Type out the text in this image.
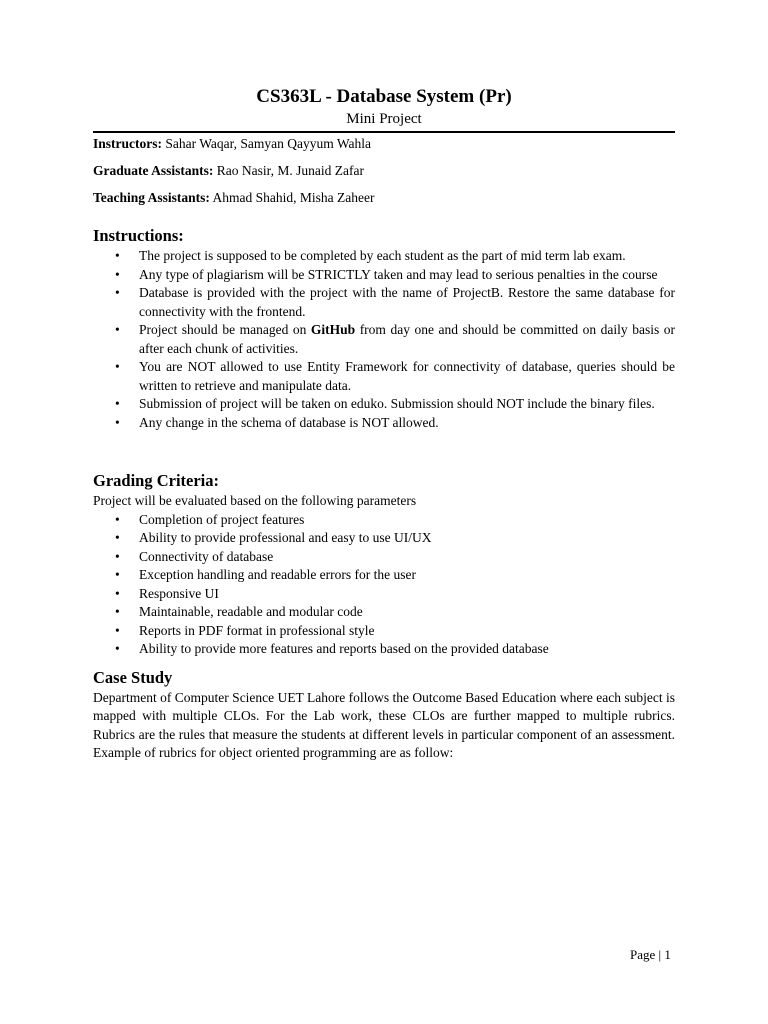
CS363L - Database System (Pr)

Mini Project

Instructors: Sahar Waqar, Samyan Qayyum Wahla

Graduate Assistants: Rao Nasir, M. Junaid Zafar

Teaching Assistants: Ahmad Shahid, Misha Zaheer

Instructions:
• The project is supposed to be completed by each student as the part of mid term lab exam.
• Any type of plagiarism will be STRICTLY taken and may lead to serious penalties in the course
• Database is provided with the project with the name of ProjectB. Restore the same database for connectivity with the frontend.
• Project should be managed on GitHub from day one and should be committed on daily basis or after each chunk of activities.
• You are NOT allowed to use Entity Framework for connectivity of database, queries should be written to retrieve and manipulate data.
• Submission of project will be taken on eduko. Submission should NOT include the binary files.
• Any change in the schema of database is NOT allowed.
Grading Criteria:

Project will be evaluated based on the following parameters

• Completion of project features
• Ability to provide professional and easy to use UI/UX
• Connectivity of database
• Exception handling and readable errors for the user
• Responsive UI
• Maintainable, readable and modular code
• Reports in PDF format in professional style
• Ability to provide more features and reports based on the provided database
Case Study

Department of Computer Science UET Lahore follows the Outcome Based Education where each subject is mapped with multiple CLOs. For the Lab work, these CLOs are further mapped to multiple rubrics. Rubrics are the rules that measure the students at different levels in particular component of an assessment. Example of rubrics for object oriented programming are as follow:

Page | 1
